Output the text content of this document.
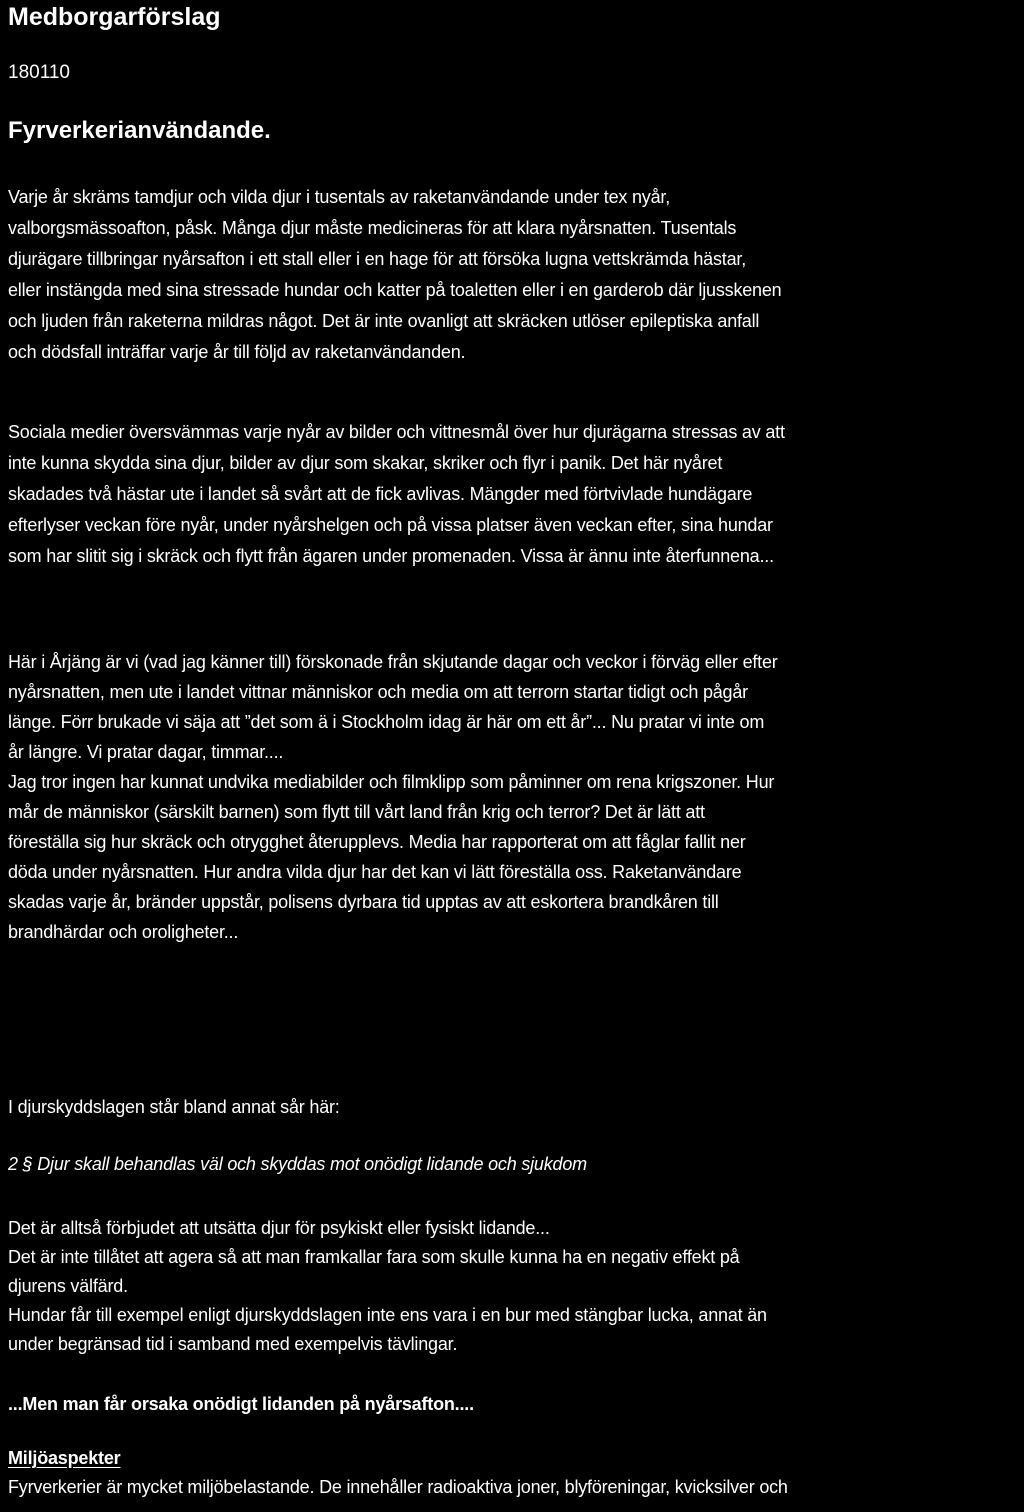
Medborgarförslag
180110
Fyrverkerianvändande.
Varje år skräms tamdjur och vilda djur i tusentals av raketanvändande under tex nyår,
valborgsmässoafton, påsk. Många djur måste medicineras för att klara nyårsnatten. Tusentals
djurägare tillbringar nyårsafton i ett stall eller i en hage för att försöka lugna vettskrämda hästar,
eller instängda med sina stressade hundar och katter på toaletten eller i en garderob där ljusskenen
och ljuden från raketerna mildras något. Det är inte ovanligt att skräcken utlöser epileptiska anfall
och dödsfall inträffar varje år till följd av raketanvändanden.
Sociala medier översvämmas varje nyår av bilder och vittnesmål över hur djurägarna stressas av att
inte kunna skydda sina djur, bilder av djur som skakar, skriker och flyr i panik. Det här nyåret
skadades två hästar ute i landet så svårt att de fick avlivas. Mängder med förtvivlade hundägare
efterlyser veckan före nyår, under nyårshelgen och på vissa platser även veckan efter, sina hundar
som har slitit sig i skräck och flytt från ägaren under promenaden. Vissa är ännu inte återfunnena...
Här i Årjäng är vi (vad jag känner till) förskonade från skjutande dagar och veckor i förväg eller efter
nyårsnatten, men ute i landet vittnar människor och media om att terrorn startar tidigt och pågår
länge. Förr brukade vi säja att ”det som ä i Stockholm idag är här om ett år”... Nu pratar vi inte om
år längre. Vi pratar dagar, timmar....
Jag tror ingen har kunnat undvika mediabilder och filmklipp som påminner om rena krigszoner. Hur
mår de människor (särskilt barnen) som flytt till vårt land från krig och terror? Det är lätt att
föreställa sig hur skräck och otrygghet återupplevs. Media har rapporterat om att fåglar fallit ner
döda under nyårsnatten. Hur andra vilda djur har det kan vi lätt föreställa oss. Raketanvändare
skadas varje år, bränder uppstår, polisens dyrbara tid upptas av att eskortera brandkåren till
brandhärdar och oroligheter...
I djurskyddslagen står bland annat sår här:
2 § Djur skall behandlas väl och skyddas mot onödigt lidande och sjukdom
Det är alltså förbjudet att utsätta djur för psykiskt eller fysiskt lidande...
Det är inte tillåtet att agera så att man framkallar fara som skulle kunna ha en negativ effekt på
djurens välfärd.
Hundar får till exempel enligt djurskyddslagen inte ens vara i en bur med stängbar lucka, annat än
under begränsad tid i samband med exempelvis tävlingar.
...Men man får orsaka onödigt lidanden på nyårsafton....
Miljöaspekter
Fyrverkerier är mycket miljöbelastande. De innehåller radioaktiva joner, blyföreningar, kvicksilver och
